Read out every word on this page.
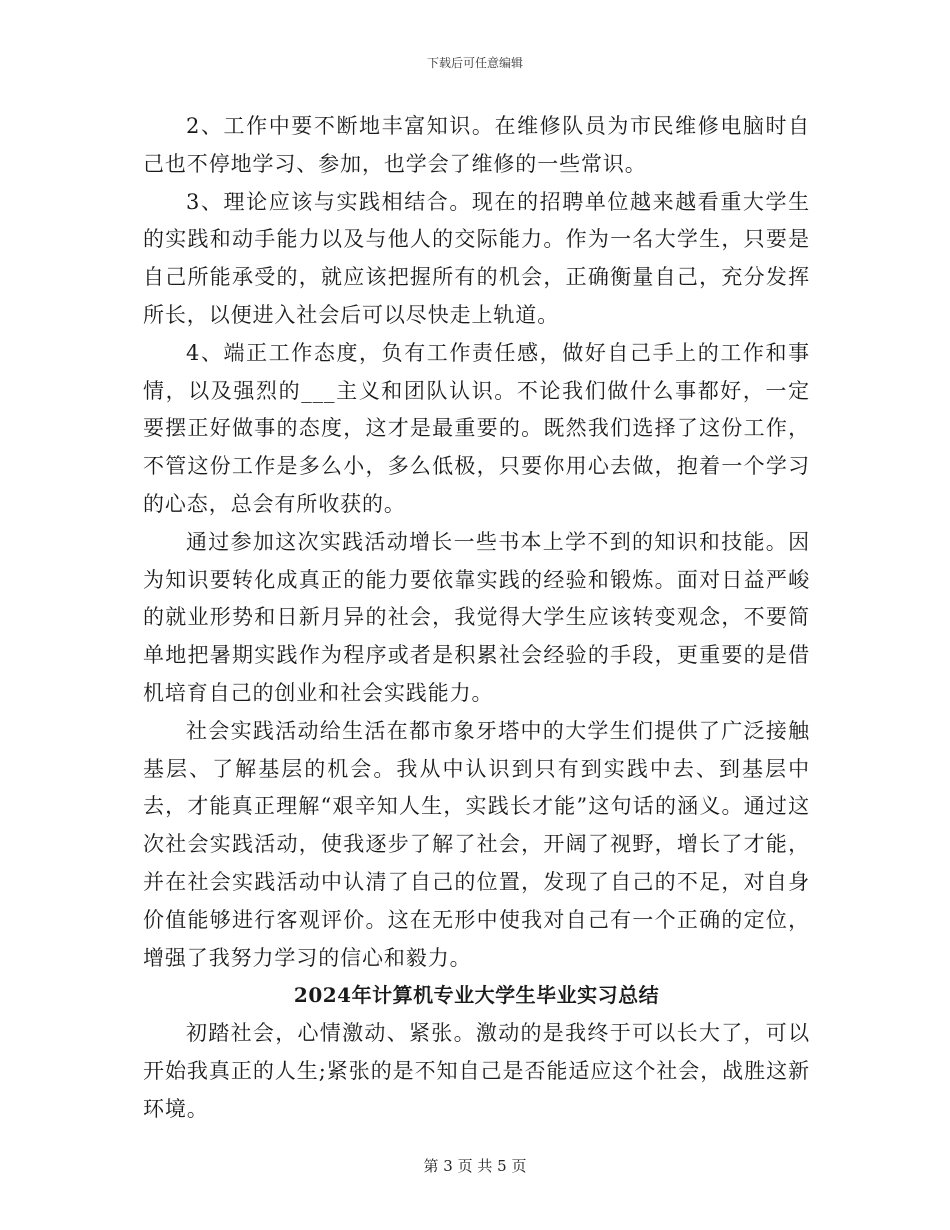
下载后可任意编辑

2、工作中要不断地丰富知识。在维修队员为市民维修电脑时自己也不停地学习、参加，也学会了维修的一些常识。

3、理论应该与实践相结合。现在的招聘单位越来越看重大学生的实践和动手能力以及与他人的交际能力。作为一名大学生，只要是自己所能承受的，就应该把握所有的机会，正确衡量自己，充分发挥所长，以便进入社会后可以尽快走上轨道。

4、端正工作态度，负有工作责任感，做好自己手上的工作和事情，以及强烈的___主义和团队认识。不论我们做什么事都好，一定要摆正好做事的态度，这才是最重要的。既然我们选择了这份工作，不管这份工作是多么小，多么低极，只要你用心去做，抱着一个学习的心态，总会有所收获的。

通过参加这次实践活动增长一些书本上学不到的知识和技能。因为知识要转化成真正的能力要依靠实践的经验和锻炼。面对日益严峻的就业形势和日新月异的社会，我觉得大学生应该转变观念，不要简单地把暑期实践作为程序或者是积累社会经验的手段，更重要的是借机培育自己的创业和社会实践能力。

社会实践活动给生活在都市象牙塔中的大学生们提供了广泛接触基层、了解基层的机会。我从中认识到只有到实践中去、到基层中去，才能真正理解“艰辛知人生，实践长才能”这句话的涵义。通过这次社会实践活动，使我逐步了解了社会，开阔了视野，增长了才能，并在社会实践活动中认清了自己的位置，发现了自己的不足，对自身价值能够进行客观评价。这在无形中使我对自己有一个正确的定位，增强了我努力学习的信心和毅力。

2024年计算机专业大学生毕业实习总结

初踏社会，心情激动、紧张。激动的是我终于可以长大了，可以开始我真正的人生;紧张的是不知自己是否能适应这个社会，战胜这新环境。

第 3 页 共 5 页
